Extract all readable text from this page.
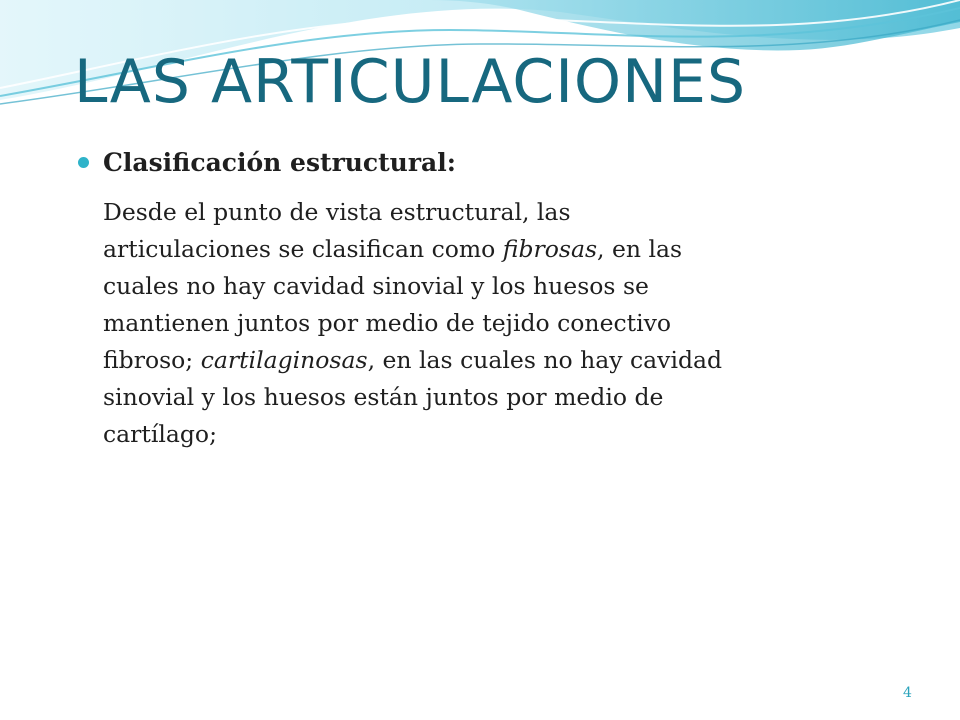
LAS ARTICULACIONES
Clasificación estructural:

Desde el punto de vista estructural, las
articulaciones se clasifican como fibrosas, en las
cuales no hay cavidad sinovial y los huesos se
mantienen juntos por medio de tejido conectivo
fibroso; cartilaginosas, en las cuales no hay cavidad
sinovial y los huesos están juntos por medio de
cartílago;

4
